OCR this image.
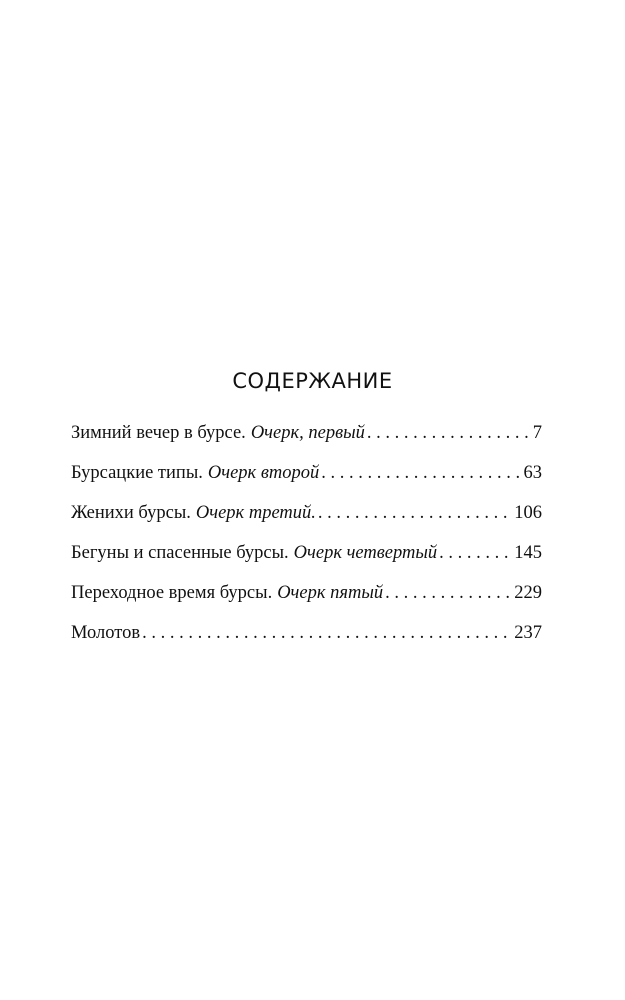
СОДЕРЖАНИЕ
Зимний вечер в бурсе. Очерк, первый . . .	7
Бурсацкие типы. Очерк второй . . .	63
Женихи бурсы. Очерк третий. . . .	106
Бегуны и спасенные бурсы. Очерк четвертый . . .	145
Переходное время бурсы. Очерк пятый . . .	229
Молотов . . .	237
